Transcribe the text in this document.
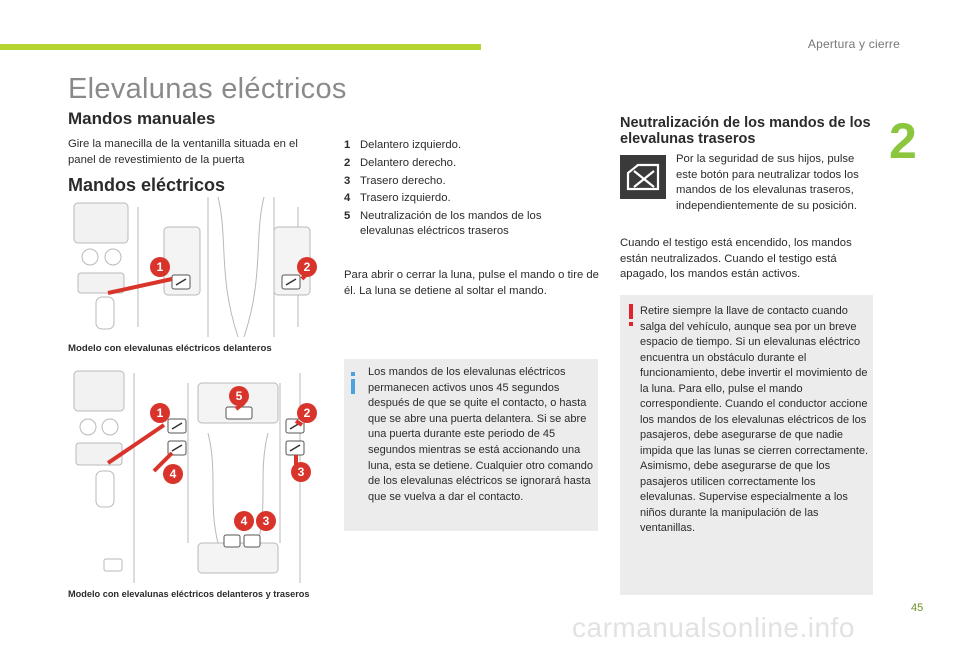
Apertura y cierre
2
Elevalunas eléctricos
Mandos manuales
Gire la manecilla de la ventanilla situada en el panel de revestimiento de la puerta
Mandos eléctricos
1	2
Modelo con elevalunas eléctricos delanteros
5
1	2
4	3
4	3
Modelo con elevalunas eléctricos delanteros y traseros
1 Delantero izquierdo.
2 Delantero derecho.
3 Trasero derecho.
4 Trasero izquierdo.
5 Neutralización de los mandos de los elevalunas eléctricos traseros
Para abrir o cerrar la luna, pulse el mando o tire de él. La luna se detiene al soltar el mando.
Los mandos de los elevalunas eléctricos permanecen activos unos 45 segundos después de que se quite el contacto, o hasta que se abre una puerta delantera. Si se abre una puerta durante este periodo de 45 segundos mientras se está accionando una luna, esta se detiene. Cualquier otro comando de los elevalunas eléctricos se ignorará hasta que se vuelva a dar el contacto.
Neutralización de los mandos de los elevalunas traseros
Por la seguridad de sus hijos, pulse este botón para neutralizar todos los mandos de los elevalunas traseros, independientemente de su posición.
Cuando el testigo está encendido, los mandos están neutralizados. Cuando el testigo está apagado, los mandos están activos.
Retire siempre la llave de contacto cuando salga del vehículo, aunque sea por un breve espacio de tiempo. Si un elevalunas eléctrico encuentra un obstáculo durante el funcionamiento, debe invertir el movimiento de la luna. Para ello, pulse el mando correspondiente. Cuando el conductor accione los mandos de los elevalunas eléctricos de los pasajeros, debe asegurarse de que nadie impida que las lunas se cierren correctamente. Asimismo, debe asegurarse de que los pasajeros utilicen correctamente los elevalunas. Supervise especialmente a los niños durante la manipulación de las ventanillas.
45
carmanualsonline.info
